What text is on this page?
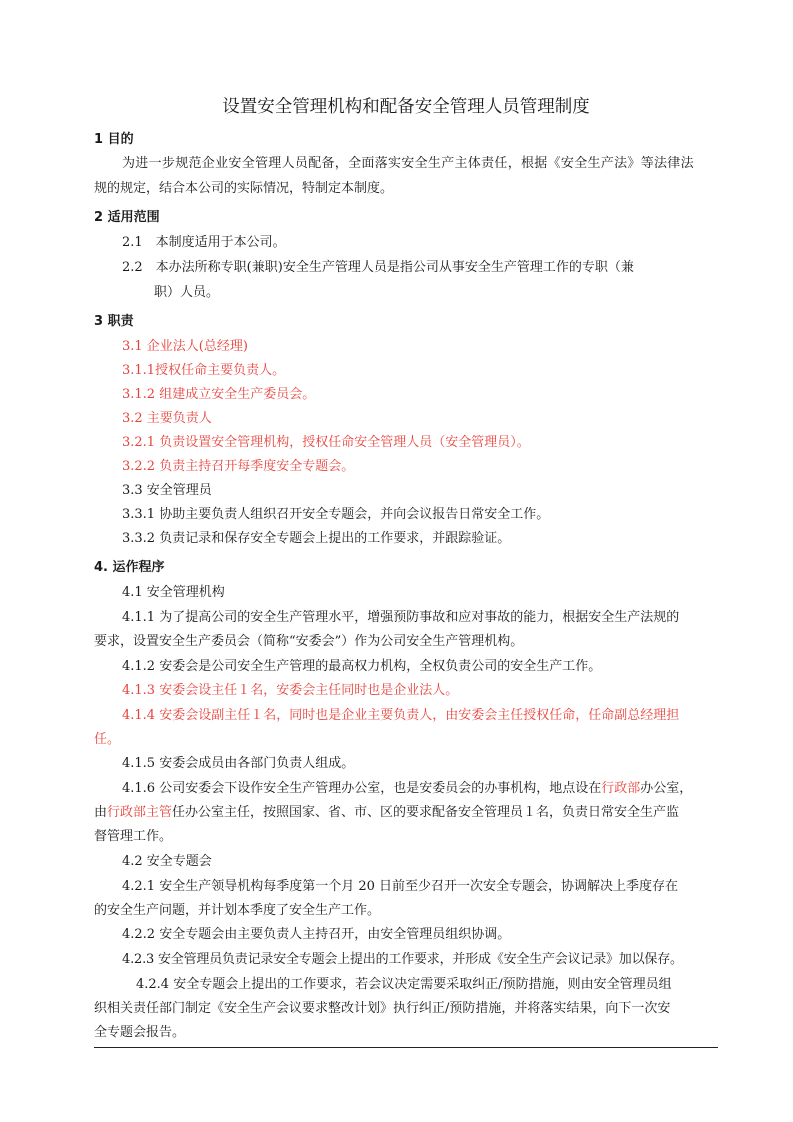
设置安全管理机构和配备安全管理人员管理制度
1 目的
为进一步规范企业安全管理人员配备，全面落实安全生产主体责任，根据《安全生产法》等法律法
规的规定，结合本公司的实际情况，特制定本制度。
2 适用范围
2.1　本制度适用于本公司。
2.2　本办法所称专职(兼职)安全生产管理人员是指公司从事安全生产管理工作的专职（兼
职）人员。
3 职责
3.1 企业法人(总经理)
3.1.1授权任命主要负责人。
3.1.2 组建成立安全生产委员会。
3.2 主要负责人
3.2.1 负责设置安全管理机构，授权任命安全管理人员（安全管理员）。
3.2.2 负责主持召开每季度安全专题会。
3.3 安全管理员
3.3.1 协助主要负责人组织召开安全专题会，并向会议报告日常安全工作。
3.3.2 负责记录和保存安全专题会上提出的工作要求，并跟踪验证。
4. 运作程序
4.1 安全管理机构
4.1.1 为了提高公司的安全生产管理水平，增强预防事故和应对事故的能力，根据安全生产法规的
要求，设置安全生产委员会（简称“安委会”）作为公司安全生产管理机构。
4.1.2 安委会是公司安全生产管理的最高权力机构，全权负责公司的安全生产工作。
4.1.3 安委会设主任１名，安委会主任同时也是企业法人。
4.1.4 安委会设副主任１名，同时也是企业主要负责人，由安委会主任授权任命，任命副总经理担
任。
4.1.5 安委会成员由各部门负责人组成。
4.1.6 公司安委会下设作安全生产管理办公室，也是安委员会的办事机构，地点设在行政部办公室，
由行政部主管任办公室主任，按照国家、省、市、区的要求配备安全管理员１名，负责日常安全生产监
督管理工作。
4.2 安全专题会
4.2.1 安全生产领导机构每季度第一个月 20 日前至少召开一次安全专题会，协调解决上季度存在
的安全生产问题，并计划本季度了安全生产工作。
4.2.2 安全专题会由主要负责人主持召开，由安全管理员组织协调。
4.2.3 安全管理员负责记录安全专题会上提出的工作要求，并形成《安全生产会议记录》加以保存。
4.2.4 安全专题会上提出的工作要求，若会议决定需要采取纠正/预防措施，则由安全管理员组
织相关责任部门制定《安全生产会议要求整改计划》执行纠正/预防措施，并将落实结果，向下一次安
全专题会报告。
